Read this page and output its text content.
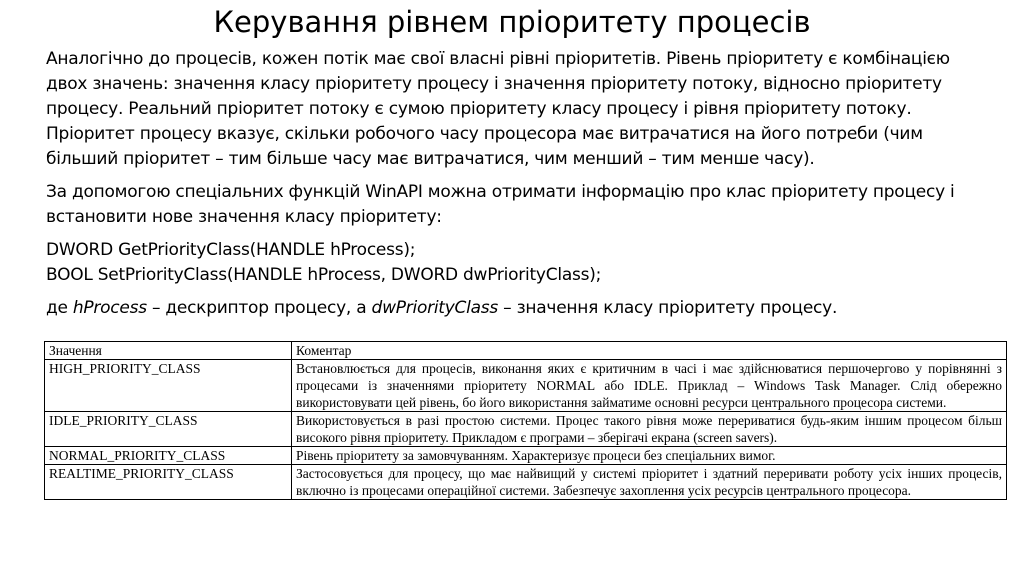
Керування рівнем пріоритету процесів

Аналогічно до процесів, кожен потік має свої власні рівні пріоритетів. Рівень пріоритету є комбінацією двох значень: значення класу пріоритету процесу і значення пріоритету потоку, відносно пріоритету процесу. Реальний пріоритет потоку є сумою пріоритету класу процесу і рівня пріоритету потоку. Пріоритет процесу вказує, скільки робочого часу процесора має витрачатися на його потреби (чим більший пріоритет – тим більше часу має витрачатися, чим менший – тим менше часу).

За допомогою спеціальних функцій WinAPI можна отримати інформацію про клас пріоритету процесу і встановити нове значення класу пріоритету:

DWORD GetPriorityClass(HANDLE hProcess);
BOOL SetPriorityClass(HANDLE hProcess, DWORD dwPriorityClass);

де hProcess – дескриптор процесу, а dwPriorityClass – значення класу пріоритету процесу.

Значення	Коментар
HIGH_PRIORITY_CLASS	Встановлюється для процесів, виконання яких є критичним в часі і має здійснюватися першочергово у порівнянні з процесами із значеннями пріоритету NORMAL або IDLE. Приклад – Windows Task Manager. Слід обережно використовувати цей рівень, бо його використання займатиме основні ресурси центрального процесора системи.
IDLE_PRIORITY_CLASS	Використовується в разі простою системи. Процес такого рівня може перериватися будь-яким іншим процесом більш високого рівня пріоритету. Прикладом є програми – зберігачі екрана (screen savers).
NORMAL_PRIORITY_CLASS	Рівень пріоритету за замовчуванням. Характеризує процеси без спеціальних вимог.
REALTIME_PRIORITY_CLASS	Застосовується для процесу, що має найвищий у системі пріоритет і здатний переривати роботу усіх інших процесів, включно із процесами операційної системи. Забезпечує захоплення усіх ресурсів центрального процесора.
